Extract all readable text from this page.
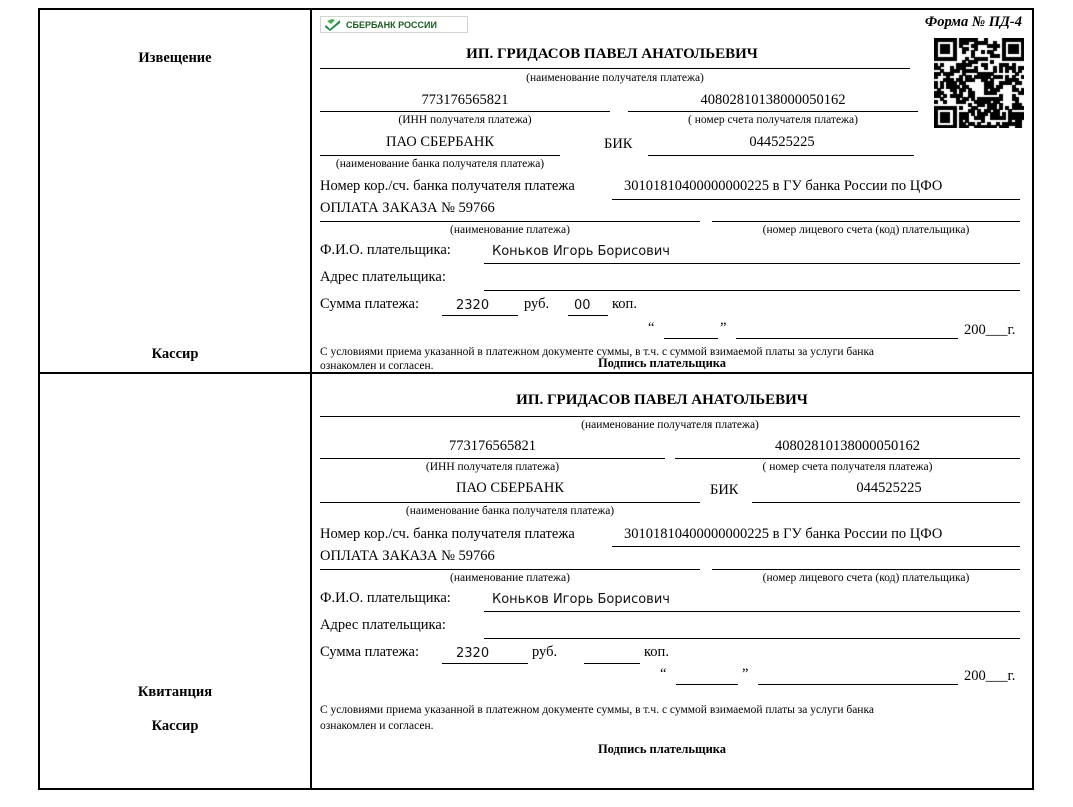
Извещение
Кассир
СБЕРБАНК РОССИИ	Форма № ПД-4
ИП. ГРИДАСОВ ПАВЕЛ АНАТОЛЬЕВИЧ
(наименование получателя платежа)
773176565821
(ИНН получателя платежа)
40802810138000050162
( номер счета получателя платежа)
ПАО СБЕРБАНК
(наименование банка получателя платежа)
БИК	044525225
Номер кор./сч. банка получателя платежа	30101810400000000225 в ГУ банка России по ЦФО
ОПЛАТА ЗАКАЗА № 59766
(наименование платежа)	(номер лицевого счета (код) плательщика)
Ф.И.О. плательщика:	Коньков Игорь Борисович
Адрес плательщика:
Сумма платежа:	2320 руб. 00 коп.
“	”	200___г.
С условиями приема указанной в платежном документе суммы, в т.ч. с суммой взимаемой платы за услуги банка
ознакомлен и согласен.	Подпись плательщика
Квитанция
Кассир
ИП. ГРИДАСОВ ПАВЕЛ АНАТОЛЬЕВИЧ
(наименование получателя платежа)
773176565821
(ИНН получателя платежа)
40802810138000050162
( номер счета получателя платежа)
ПАО СБЕРБАНК
(наименование банка получателя платежа)
БИК	044525225
Номер кор./сч. банка получателя платежа	30101810400000000225 в ГУ банка России по ЦФО
ОПЛАТА ЗАКАЗА № 59766
(наименование платежа)	(номер лицевого счета (код) плательщика)
Ф.И.О. плательщика:	Коньков Игорь Борисович
Адрес плательщика:
Сумма платежа:	2320	руб.	коп.
“	”	200___г.
С условиями приема указанной в платежном документе суммы, в т.ч. с суммой взимаемой платы за услуги банка
ознакомлен и согласен.
Подпись плательщика
